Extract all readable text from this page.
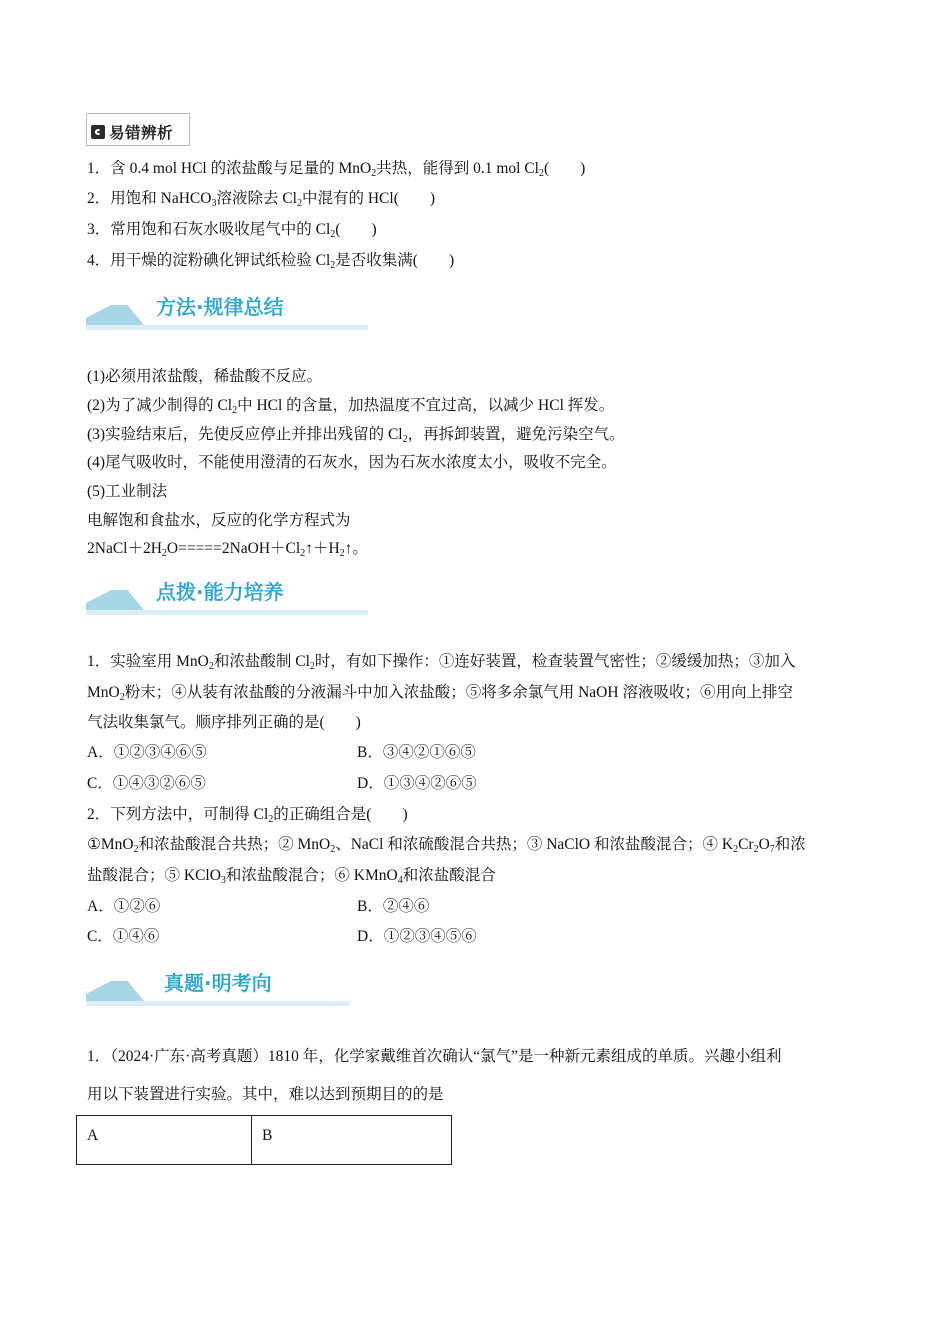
易错辨析
1．含 0.4 mol HCl 的浓盐酸与足量的 MnO$_2$共热，能得到 0.1 mol $Cl_2$(　　)
2．用饱和 NaHCO$_3$溶液除去 $Cl_2$中混有的 HCl(　　)
3．常用饱和石灰水吸收尾气中的 $Cl_2$(　　)
4．用干燥的淀粉碘化钾试纸检验 $Cl_2$是否收集满(　　)
方法·规律总结
(1)必须用浓盐酸，稀盐酸不反应。
(2)为了减少制得的 $Cl_2$中 HCl 的含量，加热温度不宜过高，以减少 HCl 挥发。
(3)实验结束后，先使反应停止并排出残留的 $Cl_2$，再拆卸装置，避免污染空气。
(4)尾气吸收时，不能使用澄清的石灰水，因为石灰水浓度太小，吸收不完全。
(5)工业制法
电解饱和食盐水，反应的化学方程式为
$2NaCl+2H_2O=====2NaOH+Cl_2↑+H_2↑$。
点拨·能力培养
1．实验室用 MnO$_2$和浓盐酸制 $Cl_2$时，有如下操作：①连好装置，检查装置气密性；②缓缓加热；③加入
MnO$_2$粉末；④从装有浓盐酸的分液漏斗中加入浓盐酸；⑤将多余氯气用 NaOH 溶液吸收；⑥用向上排空
气法收集氯气。顺序排列正确的是(　　)
A．①②③④⑥⑤	B．③④②①⑥⑤
C．①④③②⑥⑤	D．①③④②⑥⑤
2．下列方法中，可制得 $Cl_2$的正确组合是(　　)
①MnO$_2$和浓盐酸混合共热；② MnO$_2$、NaCl 和浓硫酸混合共热；③ NaClO 和浓盐酸混合；④ $K_2Cr_2O_7$和浓
盐酸混合；⑤ KClO$_3$和浓盐酸混合；⑥ KMnO$_4$和浓盐酸混合
A．①②⑥	B．②④⑥
C．①④⑥	D．①②③④⑤⑥
真题·明考向
1．（2024·广东·高考真题）1810 年，化学家戴维首次确认“氯气”是一种新元素组成的单质。兴趣小组利
用以下装置进行实验。其中，难以达到预期目的的是
A	B
